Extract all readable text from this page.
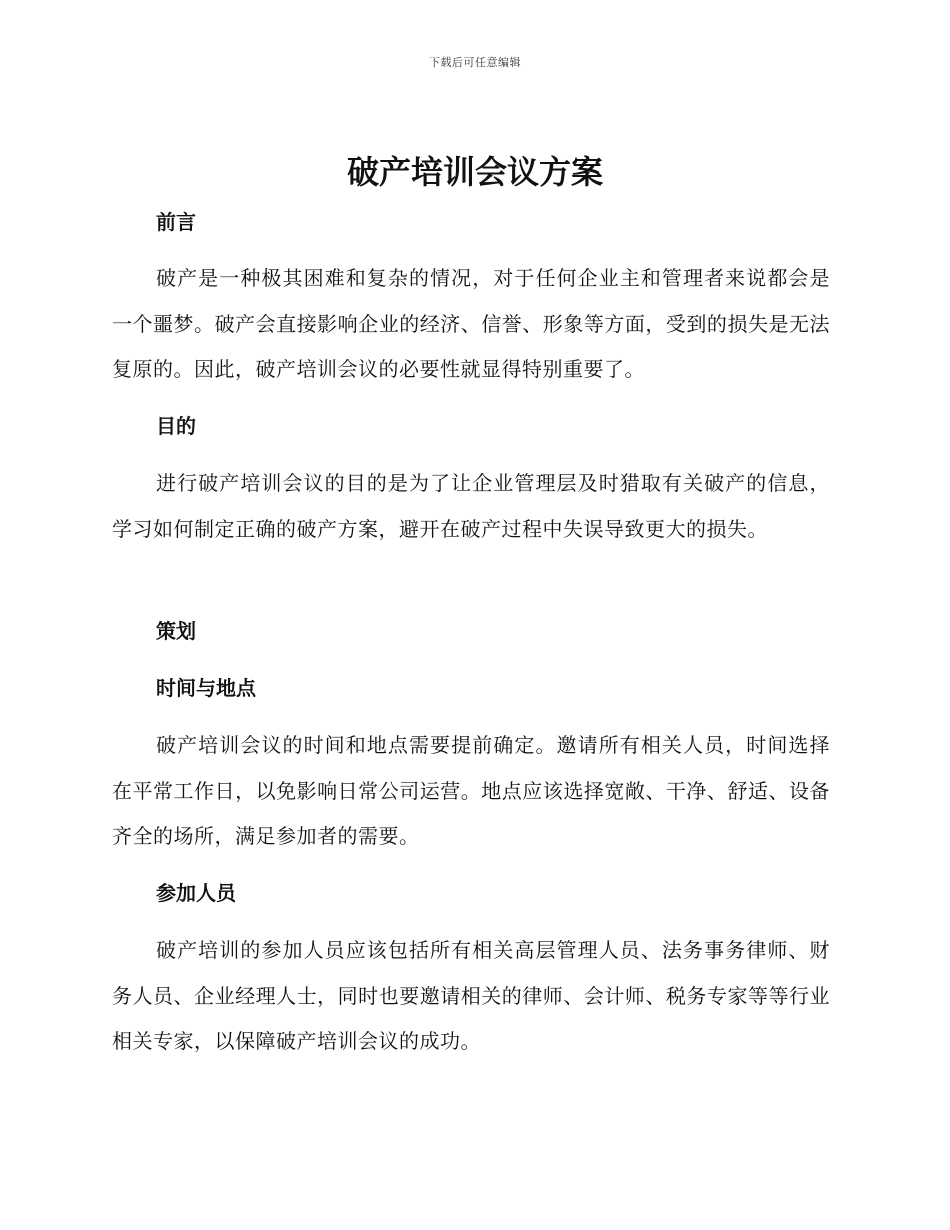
下载后可任意编辑
破产培训会议方案
前言

破产是一种极其困难和复杂的情况，对于任何企业主和管理者来说都会是一个噩梦。破产会直接影响企业的经济、信誉、形象等方面，受到的损失是无法复原的。因此，破产培训会议的必要性就显得特别重要了。

目的

进行破产培训会议的目的是为了让企业管理层及时猎取有关破产的信息，学习如何制定正确的破产方案，避开在破产过程中失误导致更大的损失。

策划
时间与地点

破产培训会议的时间和地点需要提前确定。邀请所有相关人员，时间选择在平常工作日，以免影响日常公司运营。地点应该选择宽敞、干净、舒适、设备齐全的场所，满足参加者的需要。

参加人员

破产培训的参加人员应该包括所有相关高层管理人员、法务事务律师、财务人员、企业经理人士，同时也要邀请相关的律师、会计师、税务专家等等行业相关专家，以保障破产培训会议的成功。
